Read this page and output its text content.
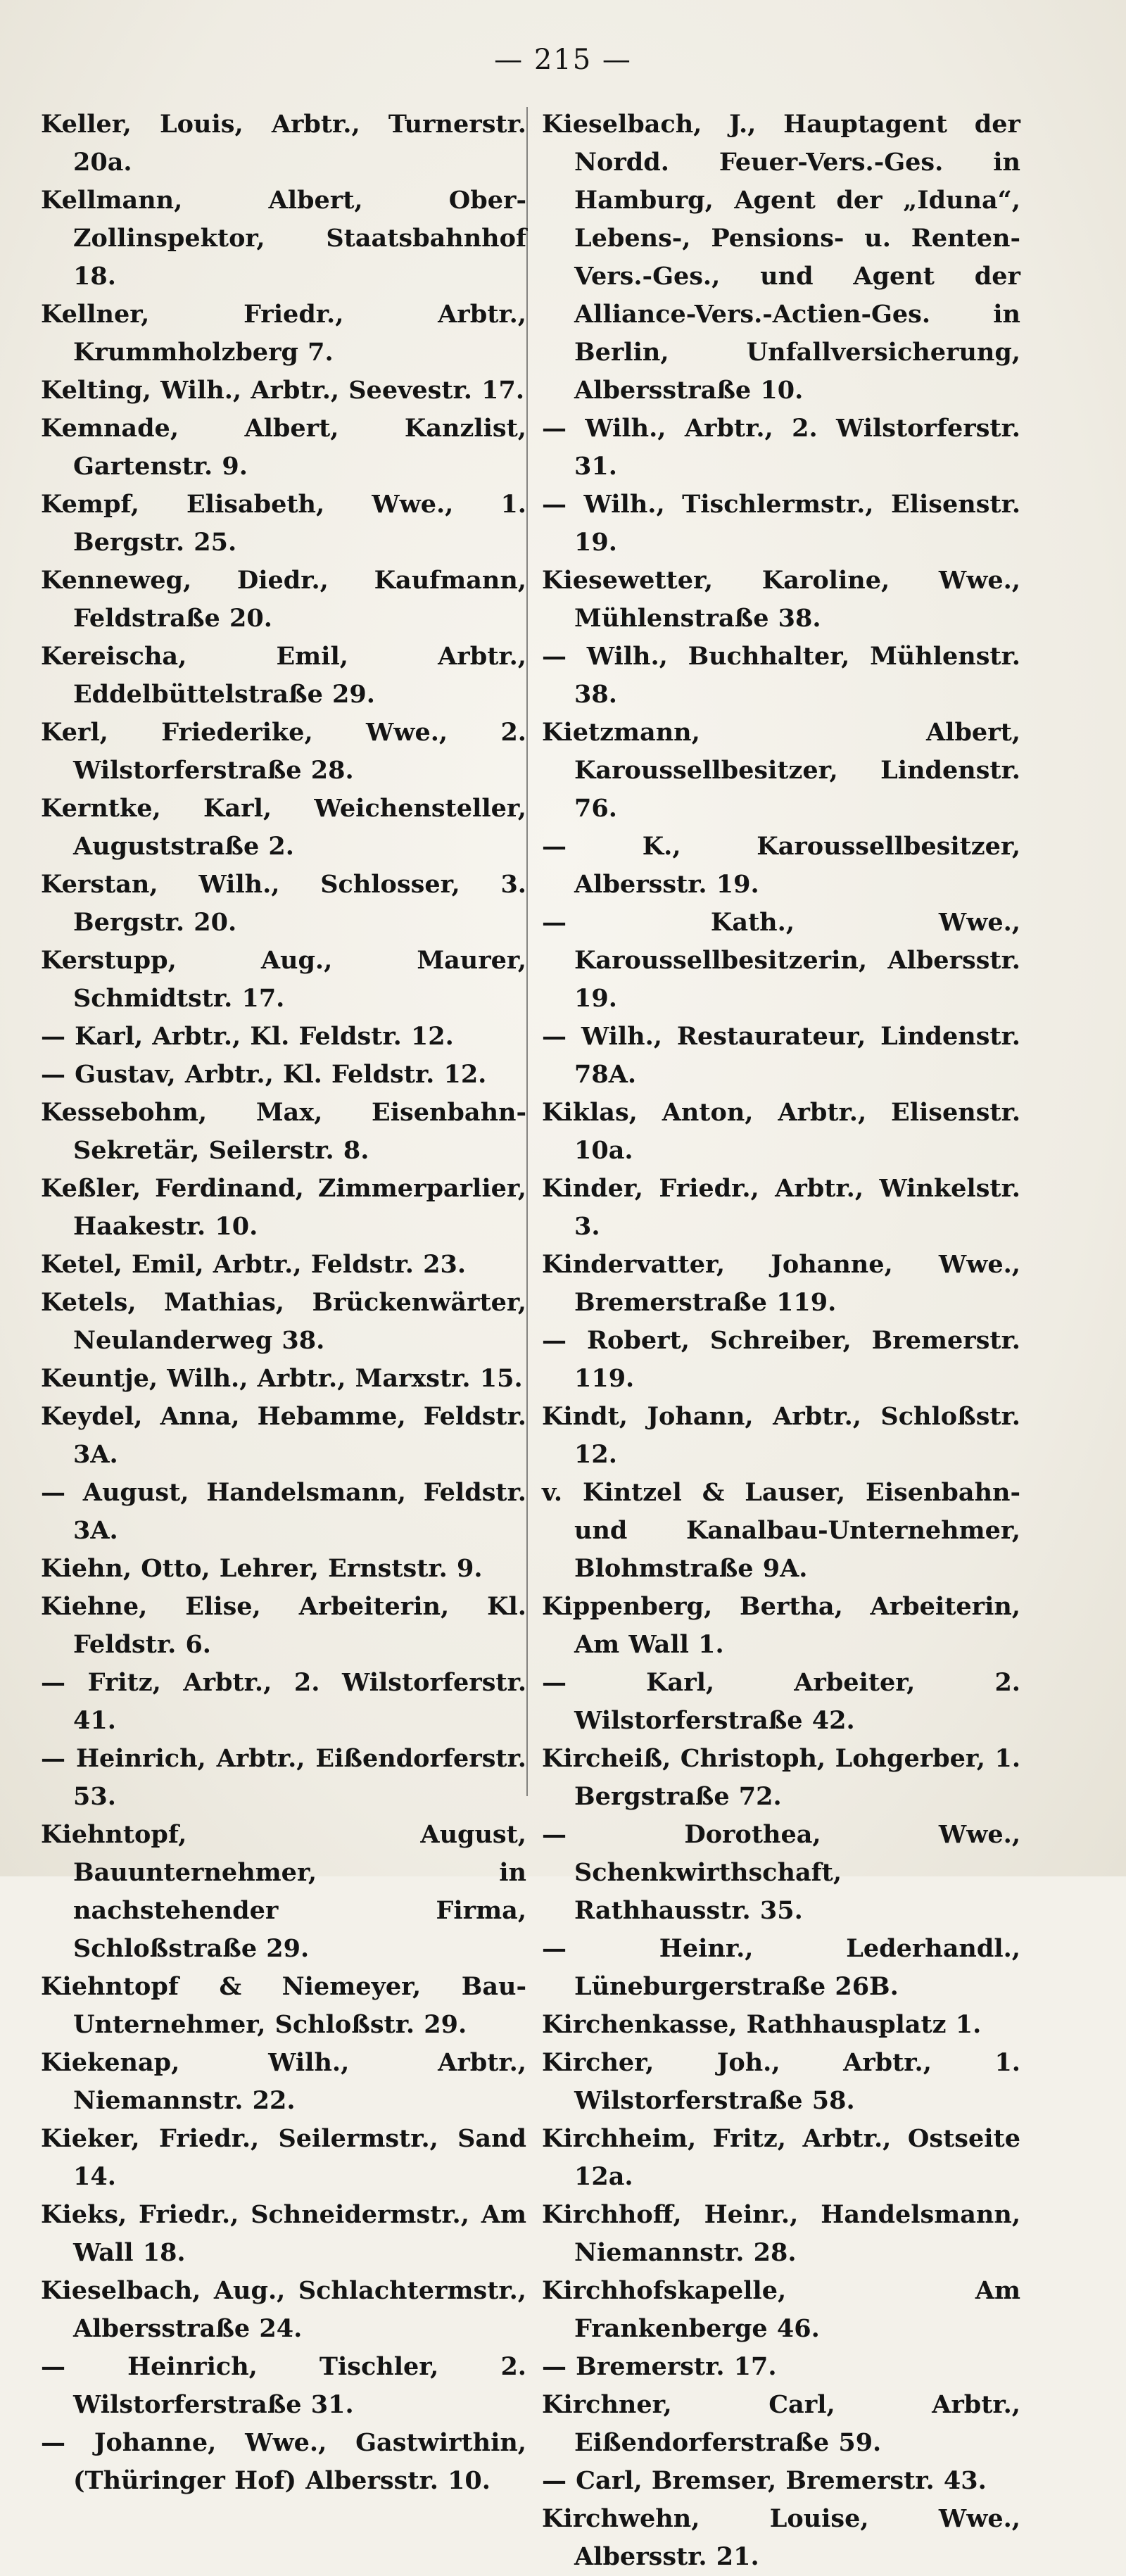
— 215 —

Keller, Louis, Arbtr., Turnerstr. 20a.

Kellmann, Albert, Ober-Zollinspektor, Staatsbahnhof 18.

Kellner, Friedr., Arbtr., Krummholzberg 7.

Kelting, Wilh., Arbtr., Seevestr. 17.

Kemnade, Albert, Kanzlist, Gartenstr. 9.

Kempf, Elisabeth, Wwe., 1. Bergstr. 25.

Kenneweg, Diedr., Kaufmann, Feldstraße 20.

Kereischa, Emil, Arbtr., Eddelbüttelstraße 29.

Kerl, Friederike, Wwe., 2. Wilstorferstraße 28.

Kerntke, Karl, Weichensteller, Auguststraße 2.

Kerstan, Wilh., Schlosser, 3. Bergstr. 20.

Kerstupp, Aug., Maurer, Schmidtstr. 17.

— Karl, Arbtr., Kl. Feldstr. 12.

— Gustav, Arbtr., Kl. Feldstr. 12.

Kessebohm, Max, Eisenbahn-Sekretär, Seilerstr. 8.

Keßler, Ferdinand, Zimmerparlier, Haakestr. 10.

Ketel, Emil, Arbtr., Feldstr. 23.

Ketels, Mathias, Brückenwärter, Neulanderweg 38.

Keuntje, Wilh., Arbtr., Marxstr. 15.

Keydel, Anna, Hebamme, Feldstr. 3A.

— August, Handelsmann, Feldstr. 3A.

Kiehn, Otto, Lehrer, Ernststr. 9.

Kiehne, Elise, Arbeiterin, Kl. Feldstr. 6.

— Fritz, Arbtr., 2. Wilstorferstr. 41.

— Heinrich, Arbtr., Eißendorferstr. 53.

Kiehntopf, August, Bauunternehmer, in nachstehender Firma, Schloßstraße 29.

Kiehntopf & Niemeyer, Bau-Unternehmer, Schloßstr. 29.

Kiekenap, Wilh., Arbtr., Niemannstr. 22.

Kieker, Friedr., Seilermstr., Sand 14.

Kieks, Friedr., Schneidermstr., Am Wall 18.

Kieselbach, Aug., Schlachtermstr., Albersstraße 24.

— Heinrich, Tischler, 2. Wilstorferstraße 31.

— Johanne, Wwe., Gastwirthin, (Thüringer Hof) Albersstr. 10.

Kieselbach, J., Hauptagent der Nordd. Feuer-Vers.-Ges. in Hamburg, Agent der „Iduna“, Lebens-, Pensions- u. Renten-Vers.-Ges., und Agent der Alliance-Vers.-Actien-Ges. in Berlin, Unfallversicherung, Albersstraße 10.

— Wilh., Arbtr., 2. Wilstorferstr. 31.

— Wilh., Tischlermstr., Elisenstr. 19.

Kiesewetter, Karoline, Wwe., Mühlenstraße 38.

— Wilh., Buchhalter, Mühlenstr. 38.

Kietzmann, Albert, Karoussellbesitzer, Lindenstr. 76.

— K., Karoussellbesitzer, Albersstr. 19.

— Kath., Wwe., Karoussellbesitzerin, Albersstr. 19.

— Wilh., Restaurateur, Lindenstr. 78A.

Kiklas, Anton, Arbtr., Elisenstr. 10a.

Kinder, Friedr., Arbtr., Winkelstr. 3.

Kindervatter, Johanne, Wwe., Bremerstraße 119.

— Robert, Schreiber, Bremerstr. 119.

Kindt, Johann, Arbtr., Schloßstr. 12.

v. Kintzel & Lauser, Eisenbahn- und Kanalbau-Unternehmer, Blohmstraße 9A.

Kippenberg, Bertha, Arbeiterin, Am Wall 1.

— Karl, Arbeiter, 2. Wilstorferstraße 42.

Kircheiß, Christoph, Lohgerber, 1. Bergstraße 72.

— Dorothea, Wwe., Schenkwirthschaft, Rathhausstr. 35.

— Heinr., Lederhandl., Lüneburgerstraße 26B.

Kirchenkasse, Rathhausplatz 1.

Kircher, Joh., Arbtr., 1. Wilstorferstraße 58.

Kirchheim, Fritz, Arbtr., Ostseite 12a.

Kirchhoff, Heinr., Handelsmann, Niemannstr. 28.

Kirchhofskapelle, Am Frankenberge 46.

— Bremerstr. 17.

Kirchner, Carl, Arbtr., Eißendorferstraße 59.

— Carl, Bremser, Bremerstr. 43.

Kirchwehn, Louise, Wwe., Albersstr. 21.
